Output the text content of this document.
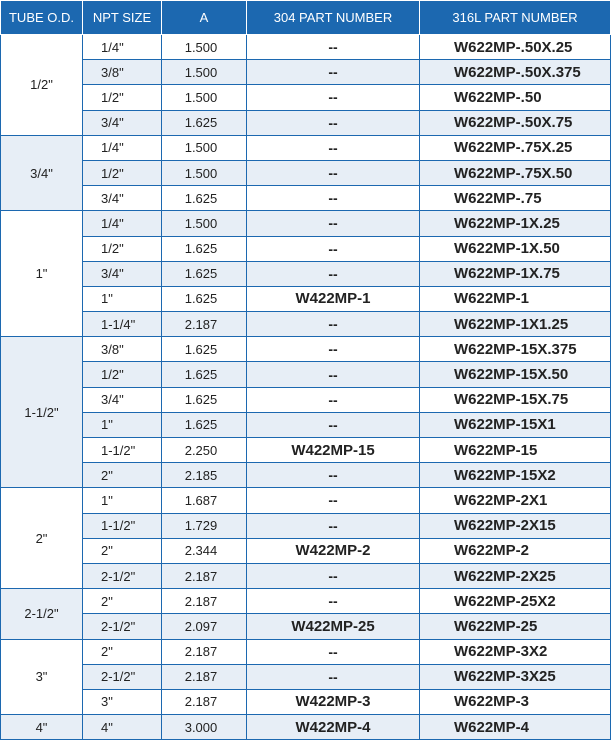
TUBE O.D.	NPT SIZE	A	304 PART NUMBER	316L PART NUMBER
1/2"	1/4"	1.500	--	W622MP-.50X.25
	3/8"	1.500	--	W622MP-.50X.375
	1/2"	1.500	--	W622MP-.50
	3/4"	1.625	--	W622MP-.50X.75
3/4"	1/4"	1.500	--	W622MP-.75X.25
	1/2"	1.500	--	W622MP-.75X.50
	3/4"	1.625	--	W622MP-.75
1"	1/4"	1.500	--	W622MP-1X.25
	1/2"	1.625	--	W622MP-1X.50
	3/4"	1.625	--	W622MP-1X.75
	1"	1.625	W422MP-1	W622MP-1
	1-1/4"	2.187	--	W622MP-1X1.25
1-1/2"	3/8"	1.625	--	W622MP-15X.375
	1/2"	1.625	--	W622MP-15X.50
	3/4"	1.625	--	W622MP-15X.75
	1"	1.625	--	W622MP-15X1
	1-1/2"	2.250	W422MP-15	W622MP-15
	2"	2.185	--	W622MP-15X2
2"	1"	1.687	--	W622MP-2X1
	1-1/2"	1.729	--	W622MP-2X15
	2"	2.344	W422MP-2	W622MP-2
	2-1/2"	2.187	--	W622MP-2X25
2-1/2"	2"	2.187	--	W622MP-25X2
	2-1/2"	2.097	W422MP-25	W622MP-25
3"	2"	2.187	--	W622MP-3X2
	2-1/2"	2.187	--	W622MP-3X25
	3"	2.187	W422MP-3	W622MP-3
4"	4"	3.000	W422MP-4	W622MP-4
